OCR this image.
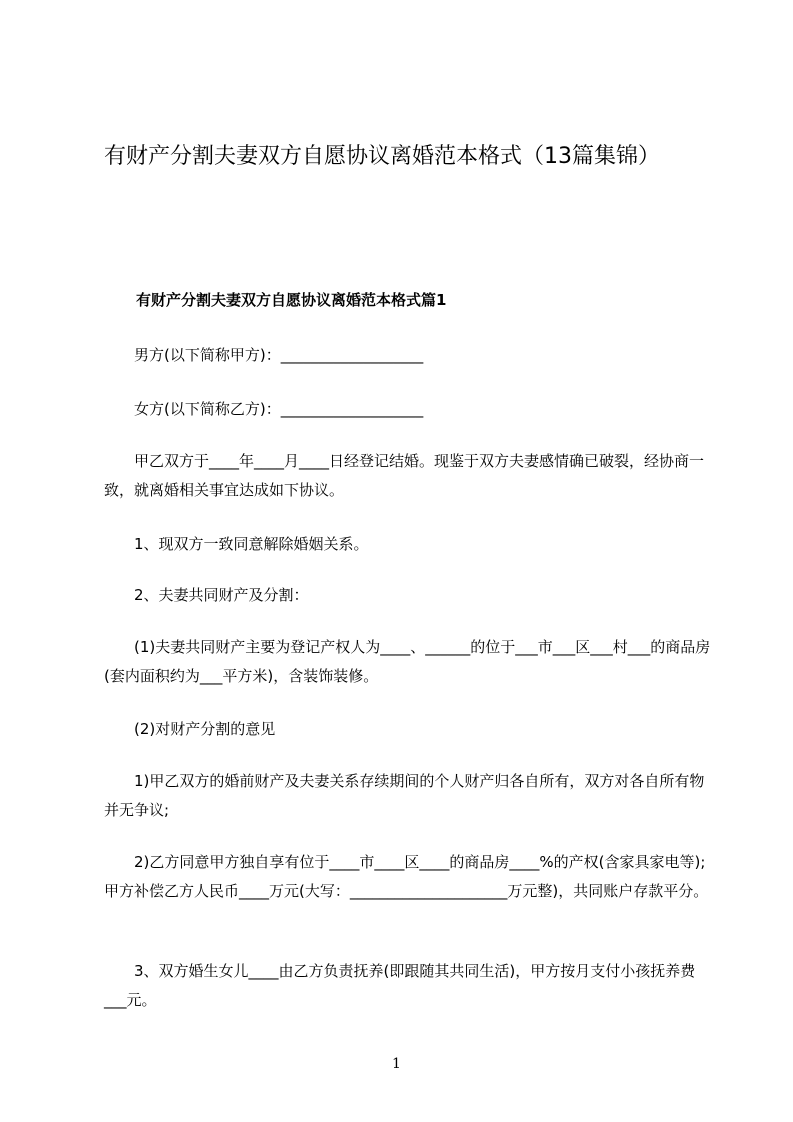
有财产分割夫妻双方自愿协议离婚范本格式（13篇集锦）
有财产分割夫妻双方自愿协议离婚范本格式篇1

男方(以下简称甲方)：___________________

女方(以下简称乙方)：___________________

甲乙双方于____年____月____日经登记结婚。现鉴于双方夫妻感情确已破裂，经协商一致，就离婚相关事宜达成如下协议。

1、现双方一致同意解除婚姻关系。

2、夫妻共同财产及分割：

(1)夫妻共同财产主要为登记产权人为____、______的位于___市___区___村___的商品房(套内面积约为___平方米)，含装饰装修。

(2)对财产分割的意见

1)甲乙双方的婚前财产及夫妻关系存续期间的个人财产归各自所有，双方对各自所有物并无争议;

2)乙方同意甲方独自享有位于____市____区____的商品房____%的产权(含家具家电等);甲方补偿乙方人民币____万元(大写：_____________________万元整)，共同账户存款平分。

3、双方婚生女儿____由乙方负责抚养(即跟随其共同生活)，甲方按月支付小孩抚养费___元。

1
